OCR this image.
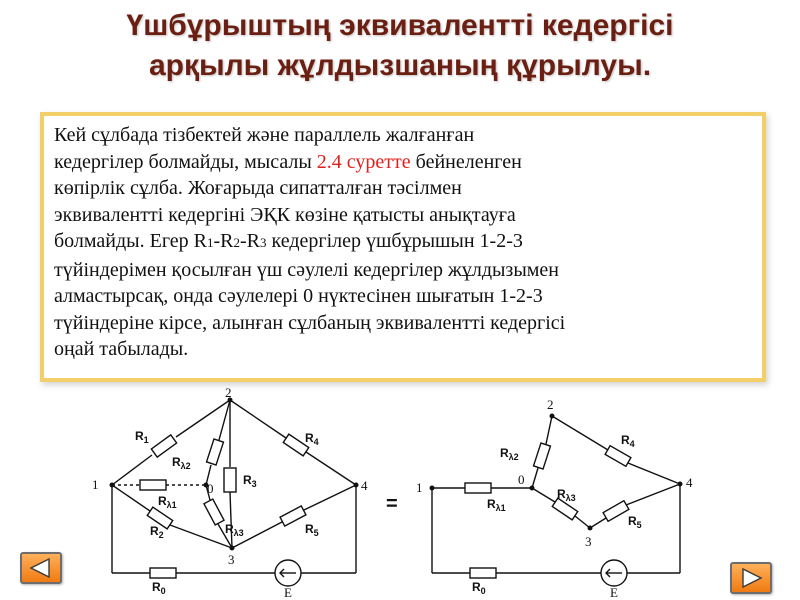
Үшбұрыштың эквивалентті кедергісі
арқылы жұлдызшаның құрылуы.
Кей сұлбада тізбектей және параллель жалғанған
кедергілер болмайды, мысалы 2.4 суретте бейнеленген
көпірлік сұлба. Жоғарыда сипатталған тәсілмен
эквивалентті кедергіні ЭҚК көзіне қатысты анықтауға
болмайды. Егер R1-R2-R3 кедергілер үшбұрышын 1-2-3
түйіндерімен қосылған үш сәулелі кедергілер жұлдызымен
алмастырсақ, онда сәулелері 0 нүктесінен шығатын 1-2-3
түйіндеріне кірсе, алынған сұлбаның эквивалентті кедергісі
оңай табылады.
1
2
3
4
0
$R_1$
$R_2$
$R_3$
$R_4$
$R_5$
$R_{\lambda 1}$
$R_{\lambda 2}$
$R_{\lambda 3}$
$R_0$	E
=
1
2
3
4
0
$R_{\lambda 1}$
$R_{\lambda 2}$
$R_{\lambda 3}$
$R_4$
$R_5$
$R_0$	E
